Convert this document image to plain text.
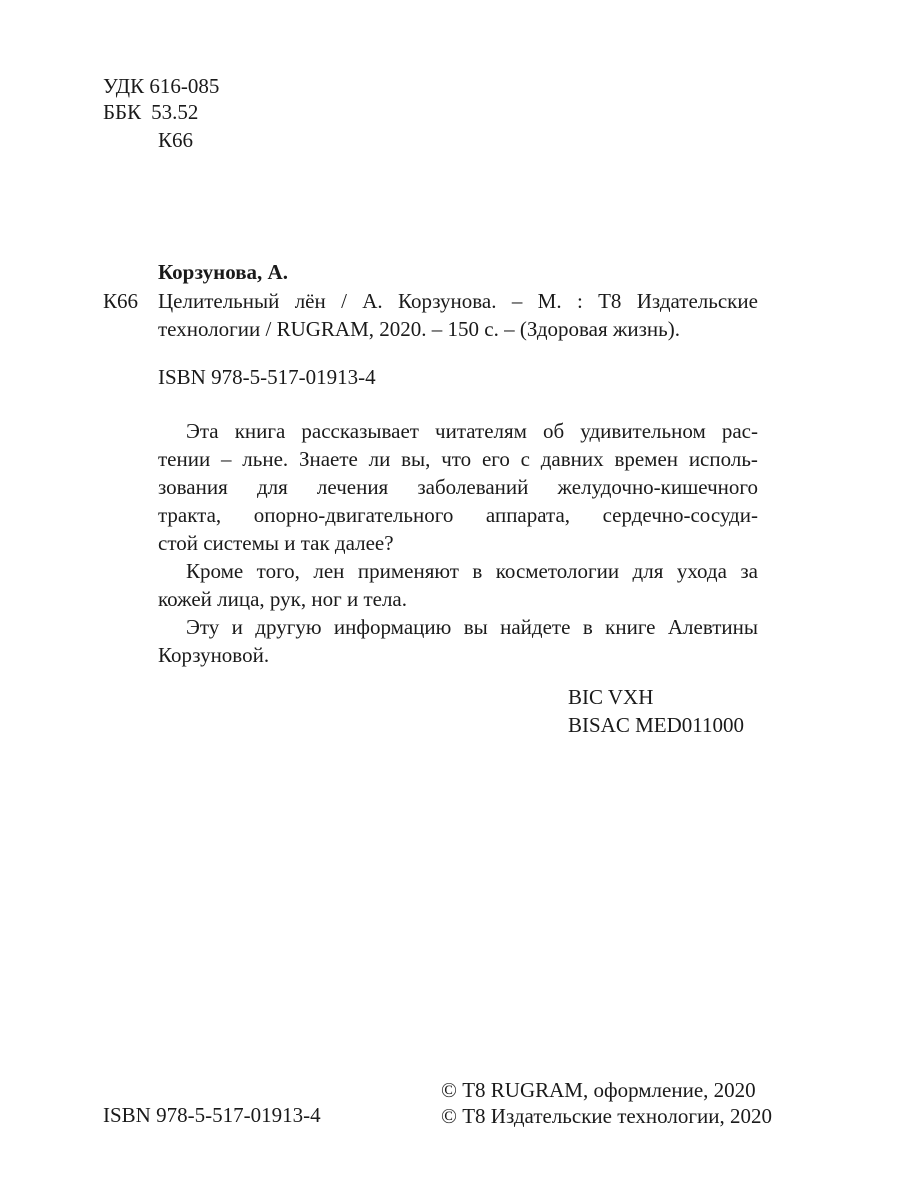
УДК 616-085
ББК 53.52
К66
Корзунова, А.
К66 Целительный лён / А. Корзунова. – М. : Т8 Издательские
технологии / RUGRAM, 2020. – 150 с. – (Здоровая жизнь).
ISBN 978-5-517-01913-4
Эта книга рассказывает читателям об удивительном рас-
тении – льне. Знаете ли вы, что его с давних времен исполь-
зования для лечения заболеваний желудочно-кишечного
тракта, опорно-двигательного аппарата, сердечно-сосуди-
стой системы и так далее?
Кроме того, лен применяют в косметологии для ухода за
кожей лица, рук, ног и тела.
Эту и другую информацию вы найдете в книге Алевтины
Корзуновой.
BIC VXH
BISAC MED011000
ISBN 978-5-517-01913-4
© Т8 RUGRAM, оформление, 2020
© Т8 Издательские технологии, 2020
